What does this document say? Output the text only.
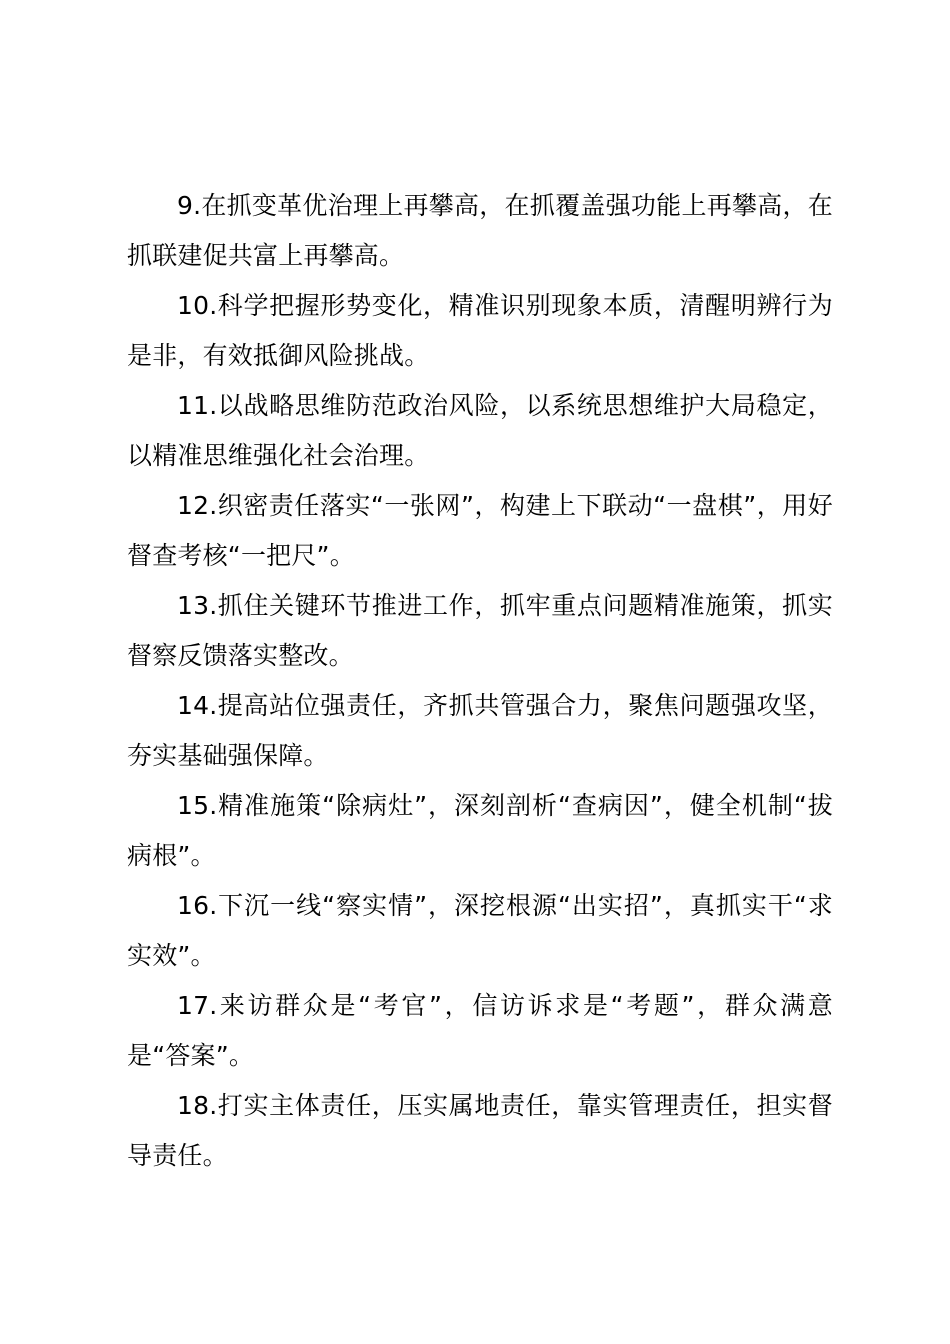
9.在抓变革优治理上再攀高，在抓覆盖强功能上再攀高，在抓联建促共富上再攀高。

10.科学把握形势变化，精准识别现象本质，清醒明辨行为是非，有效抵御风险挑战。

11.以战略思维防范政治风险，以系统思想维护大局稳定，以精准思维强化社会治理。

12.织密责任落实“一张网”，构建上下联动“一盘棋”，用好督查考核“一把尺”。

13.抓住关键环节推进工作，抓牢重点问题精准施策，抓实督察反馈落实整改。

14.提高站位强责任，齐抓共管强合力，聚焦问题强攻坚，夯实基础强保障。

15.精准施策“除病灶”，深刻剖析“查病因”，健全机制“拔病根”。

16.下沉一线“察实情”，深挖根源“出实招”，真抓实干“求实效”。

17.来访群众是“考官”，信访诉求是“考题”，群众满意是“答案”。

18.打实主体责任，压实属地责任，靠实管理责任，担实督导责任。
